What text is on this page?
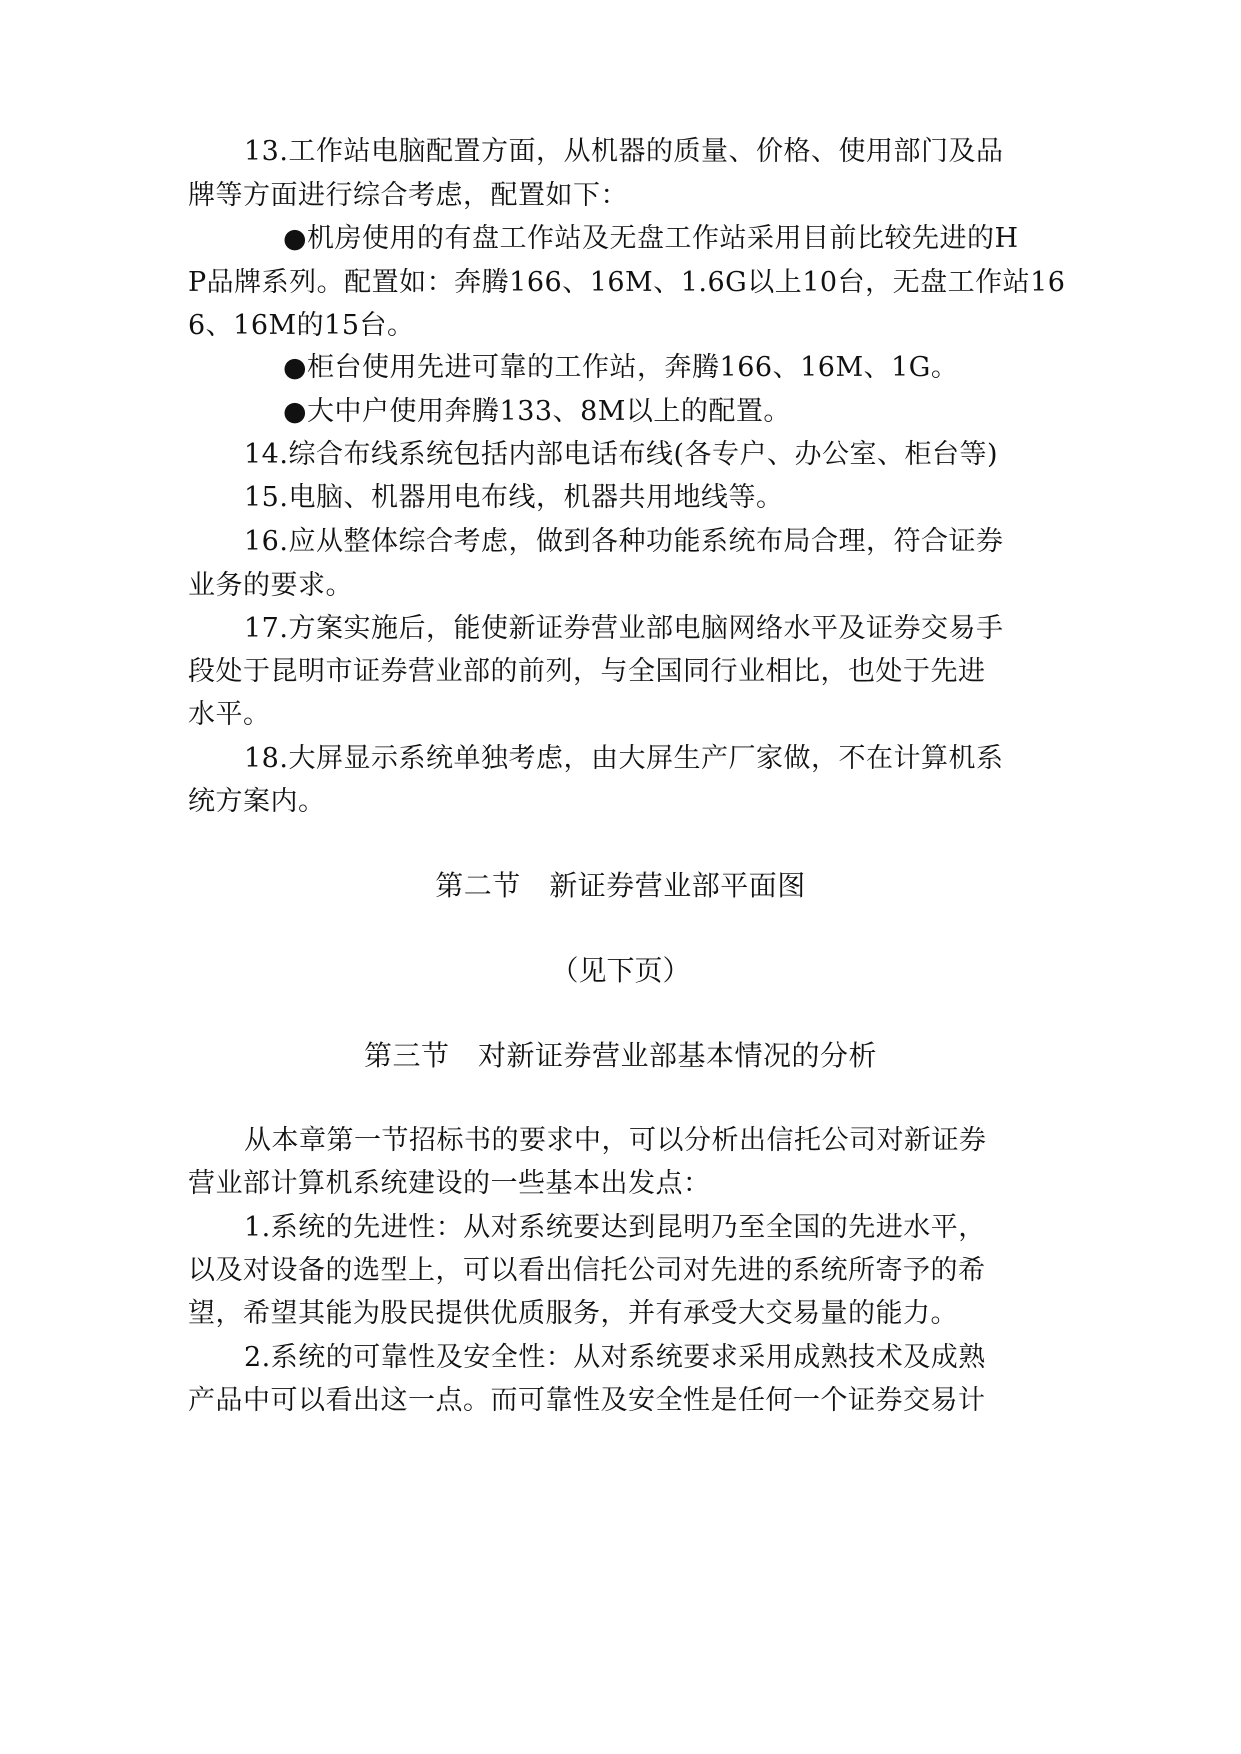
13.工作站电脑配置方面，从机器的质量、价格、使用部门及品
牌等方面进行综合考虑，配置如下：
●机房使用的有盘工作站及无盘工作站采用目前比较先进的H
P品牌系列。配置如：奔腾166、16M、1.6G以上10台，无盘工作站16
6、16M的15台。
●柜台使用先进可靠的工作站，奔腾166、16M、1G。
●大中户使用奔腾133、8M以上的配置。
14.综合布线系统包括内部电话布线(各专户、办公室、柜台等)
15.电脑、机器用电布线，机器共用地线等。
16.应从整体综合考虑，做到各种功能系统布局合理，符合证券
业务的要求。
17.方案实施后，能使新证券营业部电脑网络水平及证券交易手
段处于昆明市证券营业部的前列，与全国同行业相比，也处于先进
水平。
18.大屏显示系统单独考虑，由大屏生产厂家做，不在计算机系
统方案内。
第二节　新证券营业部平面图
（见下页）
第三节　对新证券营业部基本情况的分析
从本章第一节招标书的要求中，可以分析出信托公司对新证券
营业部计算机系统建设的一些基本出发点：
1.系统的先进性：从对系统要达到昆明乃至全国的先进水平，
以及对设备的选型上，可以看出信托公司对先进的系统所寄予的希
望，希望其能为股民提供优质服务，并有承受大交易量的能力。
2.系统的可靠性及安全性：从对系统要求采用成熟技术及成熟
产品中可以看出这一点。而可靠性及安全性是任何一个证券交易计
